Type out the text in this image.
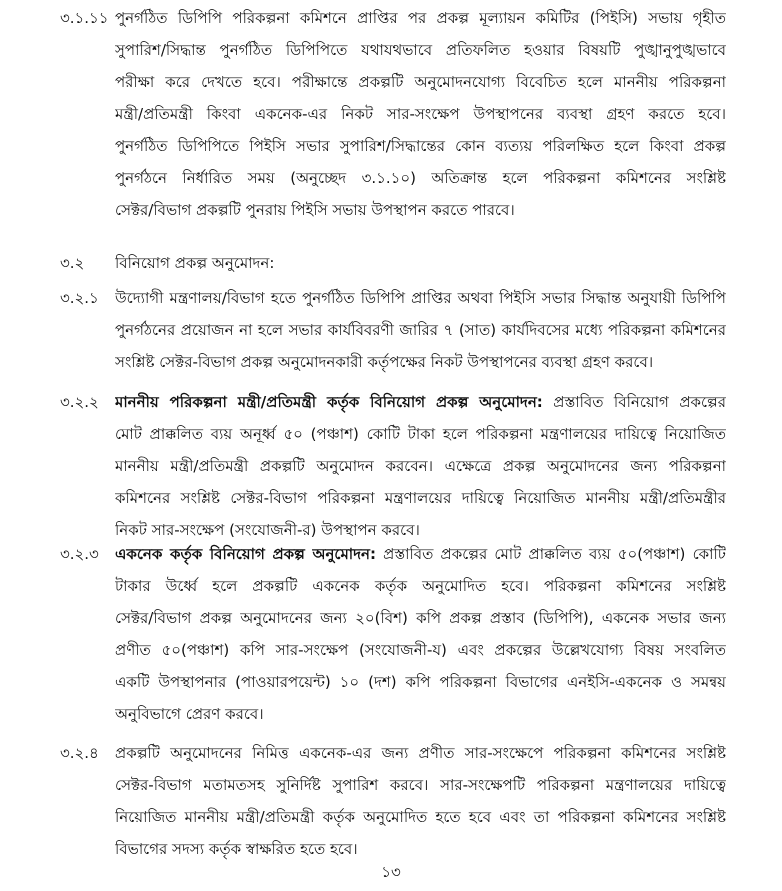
৩.১.১১ পুনর্গঠিত ডিপিপি পরিকল্পনা কমিশনে প্রাপ্তির পর প্রকল্প মূল্যায়ন কমিটির (পিইসি) সভায় গৃহীত
সুপারিশ/সিদ্ধান্ত পুনর্গঠিত ডিপিপিতে যথাযথভাবে প্রতিফলিত হওয়ার বিষয়টি পুঙ্খানুপুঙ্খভাবে
পরীক্ষা করে দেখতে হবে। পরীক্ষান্তে প্রকল্পটি অনুমোদনযোগ্য বিবেচিত হলে মাননীয় পরিকল্পনা
মন্ত্রী/প্রতিমন্ত্রী কিংবা একনেক-এর নিকট সার-সংক্ষেপ উপস্থাপনের ব্যবস্থা গ্রহণ করতে হবে।
পুনর্গঠিত ডিপিপিতে পিইসি সভার সুপারিশ/সিদ্ধান্তের কোন ব্যত্যয় পরিলক্ষিত হলে কিংবা প্রকল্প
পুনর্গঠনে নির্ধারিত সময় (অনুচ্ছেদ ৩.১.১০) অতিক্রান্ত হলে পরিকল্পনা কমিশনের সংশ্লিষ্ট
সেক্টর/বিভাগ প্রকল্পটি পুনরায় পিইসি সভায় উপস্থাপন করতে পারবে।
৩.২	বিনিয়োগ প্রকল্প অনুমোদন:
৩.২.১	উদ্যোগী মন্ত্রণালয়/বিভাগ হতে পুনর্গঠিত ডিপিপি প্রাপ্তির অথবা পিইসি সভার সিদ্ধান্ত অনুযায়ী ডিপিপি
পুনর্গঠনের প্রয়োজন না হলে সভার কার্যবিবরণী জারির ৭ (সাত) কার্যদিবসের মধ্যে পরিকল্পনা কমিশনের
সংশ্লিষ্ট সেক্টর-বিভাগ প্রকল্প অনুমোদনকারী কর্তৃপক্ষের নিকট উপস্থাপনের ব্যবস্থা গ্রহণ করবে।
৩.২.২	মাননীয় পরিকল্পনা মন্ত্রী/প্রতিমন্ত্রী কর্তৃক বিনিয়োগ প্রকল্প অনুমোদন: প্রস্তাবিত বিনিয়োগ প্রকল্পের
মোট প্রাক্কলিত ব্যয় অনূর্ধ্ব ৫০ (পঞ্চাশ) কোটি টাকা হলে পরিকল্পনা মন্ত্রণালয়ের দায়িত্বে নিয়োজিত
মাননীয় মন্ত্রী/প্রতিমন্ত্রী প্রকল্পটি অনুমোদন করবেন। এক্ষেত্রে প্রকল্প অনুমোদনের জন্য পরিকল্পনা
কমিশনের সংশ্লিষ্ট সেক্টর-বিভাগ পরিকল্পনা মন্ত্রণালয়ের দায়িত্বে নিয়োজিত মাননীয় মন্ত্রী/প্রতিমন্ত্রীর
নিকট সার-সংক্ষেপ (সংযোজনী-র) উপস্থাপন করবে।
৩.২.৩	একনেক কর্তৃক বিনিয়োগ প্রকল্প অনুমোদন: প্রস্তাবিত প্রকল্পের মোট প্রাক্কলিত ব্যয় ৫০(পঞ্চাশ) কোটি
টাকার উর্ধ্বে হলে প্রকল্পটি একনেক কর্তৃক অনুমোদিত হবে। পরিকল্পনা কমিশনের সংশ্লিষ্ট
সেক্টর/বিভাগ প্রকল্প অনুমোদনের জন্য ২০(বিশ) কপি প্রকল্প প্রস্তাব (ডিপিপি), একনেক সভার জন্য
প্রণীত ৫০(পঞ্চাশ) কপি সার-সংক্ষেপ (সংযোজনী-য) এবং প্রকল্পের উল্লেখযোগ্য বিষয় সংবলিত
একটি উপস্থাপনার (পাওয়ারপয়েন্ট) ১০ (দশ) কপি পরিকল্পনা বিভাগের এনইসি-একনেক ও সমন্বয়
অনুবিভাগে প্রেরণ করবে।
৩.২.৪	প্রকল্পটি অনুমোদনের নিমিত্ত একনেক-এর জন্য প্রণীত সার-সংক্ষেপে পরিকল্পনা কমিশনের সংশ্লিষ্ট
সেক্টর-বিভাগ মতামতসহ সুনির্দিষ্ট সুপারিশ করবে। সার-সংক্ষেপটি পরিকল্পনা মন্ত্রণালয়ের দায়িত্বে
নিয়োজিত মাননীয় মন্ত্রী/প্রতিমন্ত্রী কর্তৃক অনুমোদিত হতে হবে এবং তা পরিকল্পনা কমিশনের সংশ্লিষ্ট
বিভাগের সদস্য কর্তৃক স্বাক্ষরিত হতে হবে।
১৩
